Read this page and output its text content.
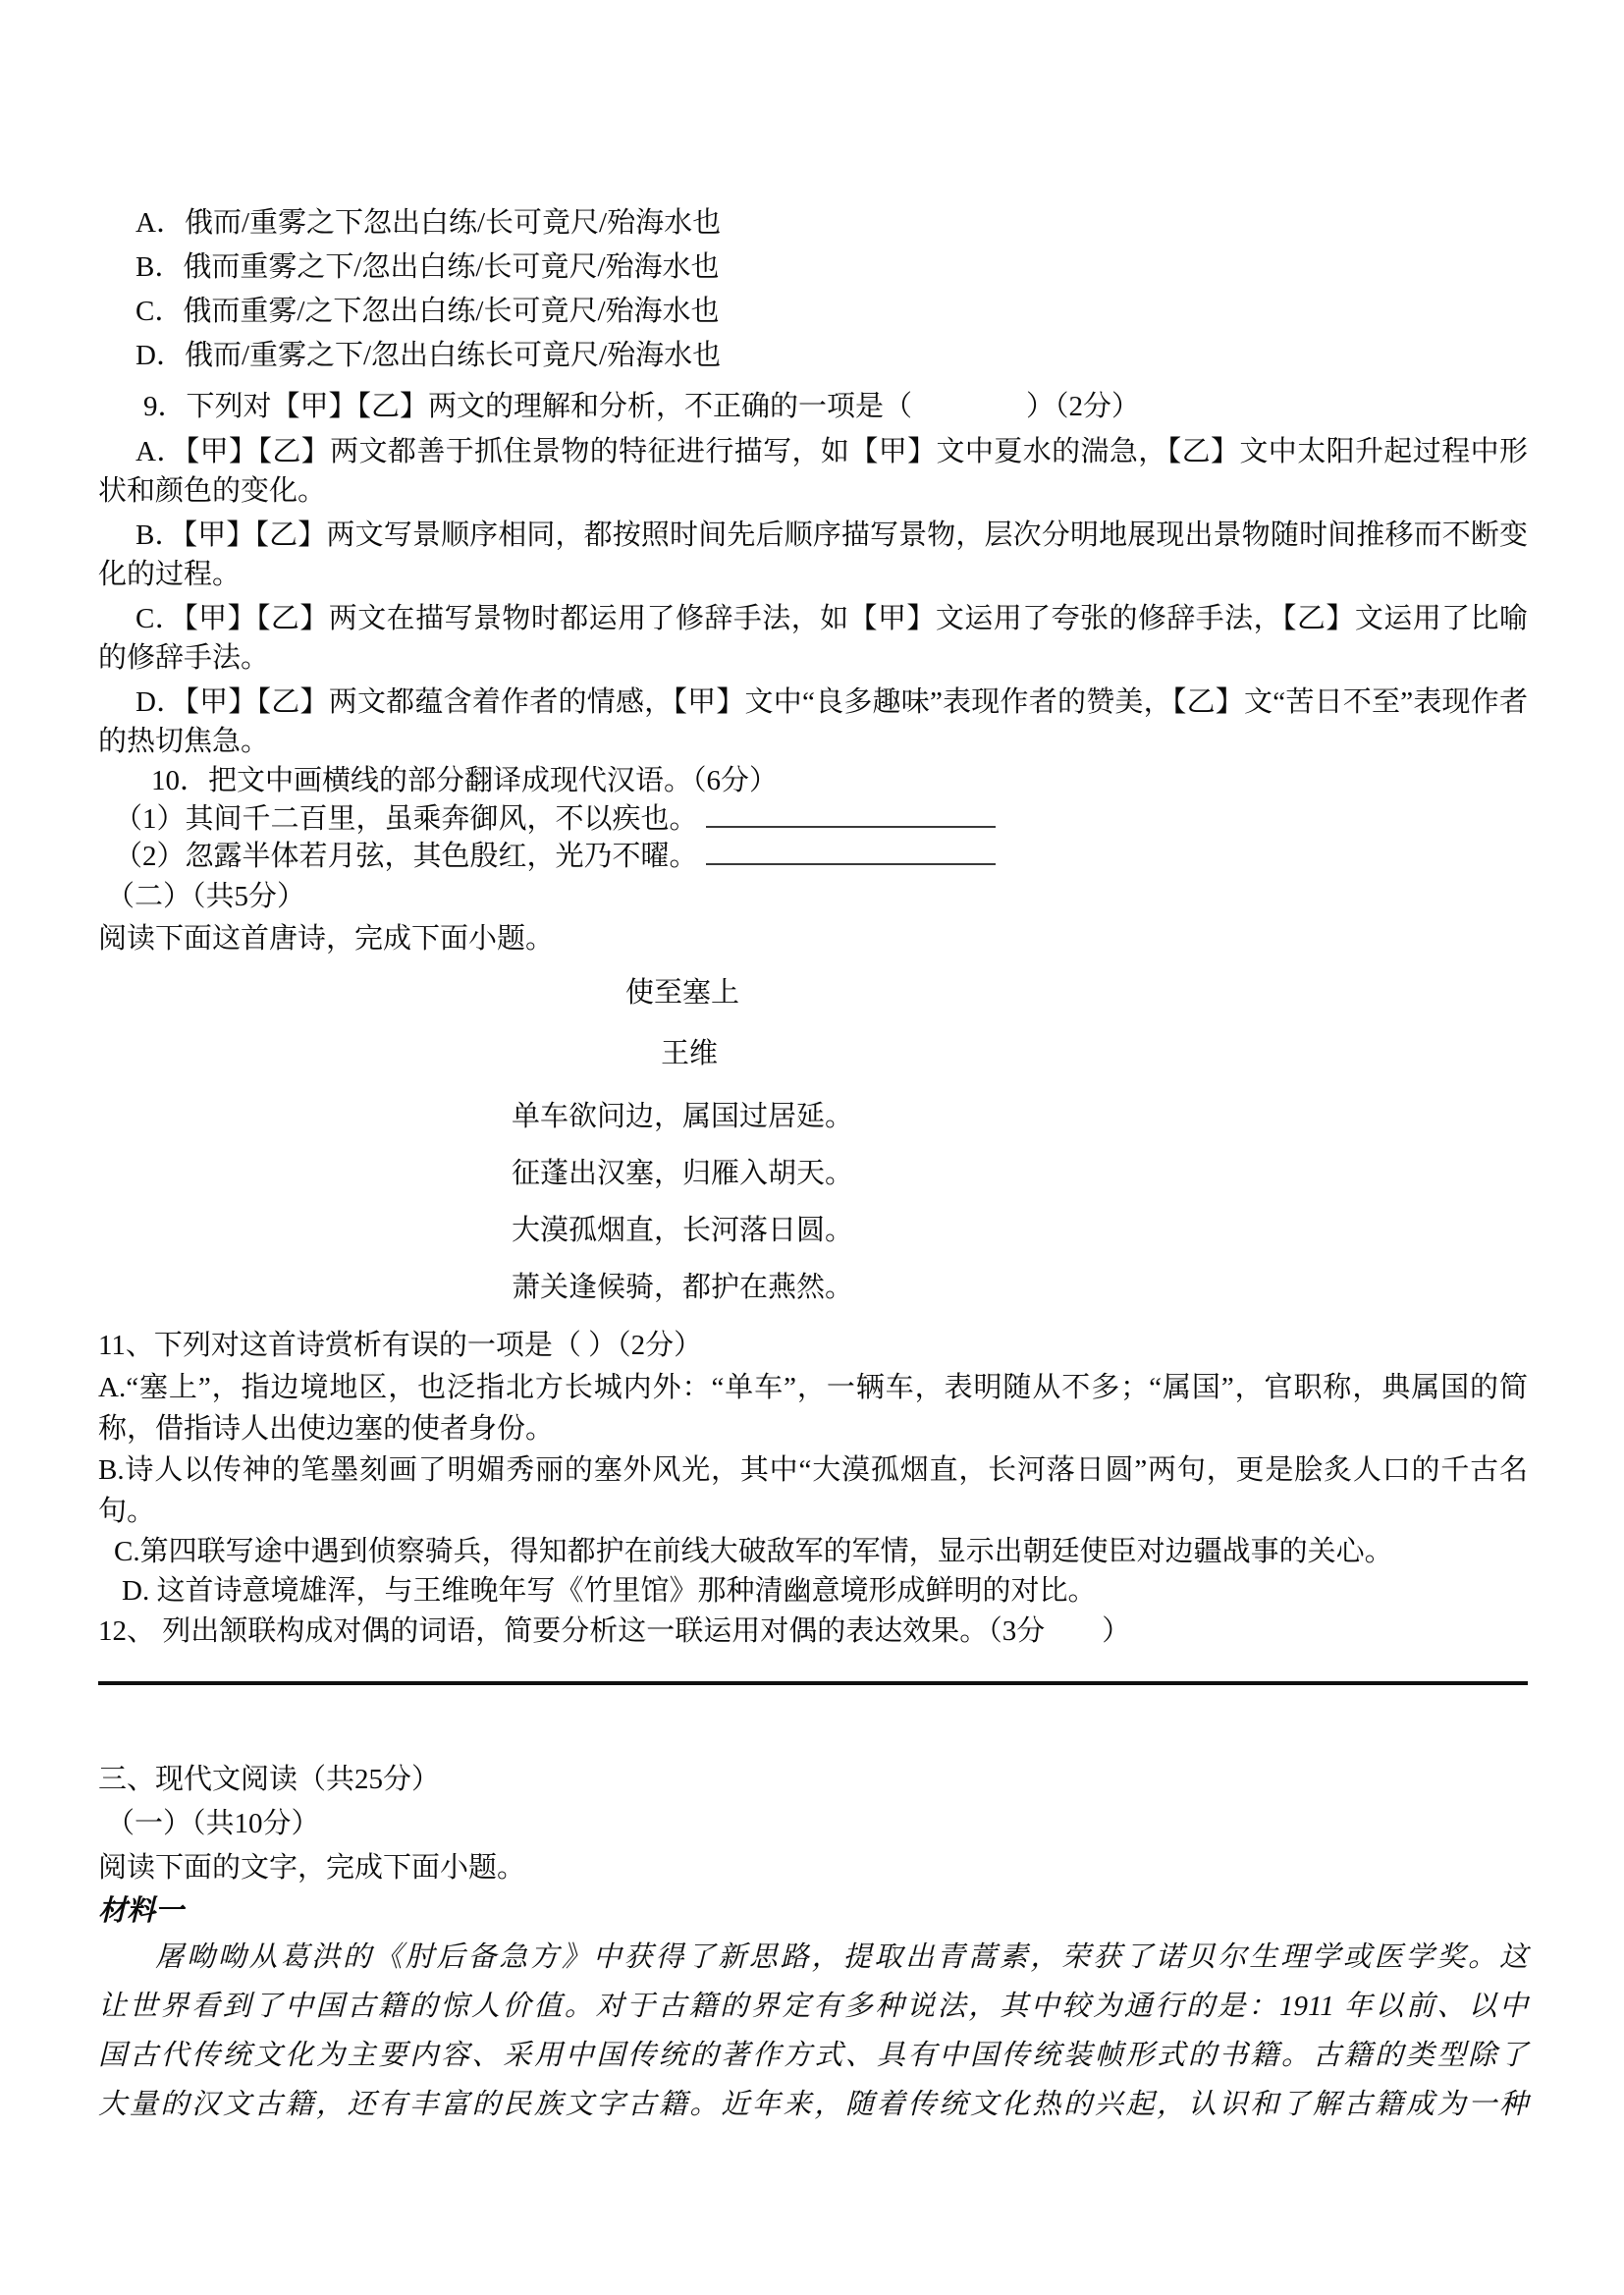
A．俄而/重雾之下忽出白练/长可竟尺/殆海水也

B．俄而重雾之下/忽出白练/长可竟尺/殆海水也

C．俄而重雾/之下忽出白练/长可竟尺/殆海水也

D．俄而/重雾之下/忽出白练长可竟尺/殆海水也

9．下列对【甲】【乙】两文的理解和分析，不正确的一项是（　　　　）（2分）

A．【甲】【乙】两文都善于抓住景物的特征进行描写，如【甲】文中夏水的湍急，【乙】文中太阳升起过程中形状和颜色的变化。

B．【甲】【乙】两文写景顺序相同，都按照时间先后顺序描写景物，层次分明地展现出景物随时间推移而不断变化的过程。

C．【甲】【乙】两文在描写景物时都运用了修辞手法，如【甲】文运用了夸张的修辞手法，【乙】文运用了比喻的修辞手法。

D．【甲】【乙】两文都蕴含着作者的情感，【甲】文中“良多趣味”表现作者的赞美，【乙】文“苦日不至”表现作者的热切焦急。

10．把文中画横线的部分翻译成现代汉语。（6分）

（1）其间千二百里，虽乘奔御风，不以疾也。

（2）忽露半体若月弦，其色殷红，光乃不曜。

（二）（共5分）

阅读下面这首唐诗，完成下面小题。

使至塞上

王维

单车欲问边，属国过居延。

征蓬出汉塞，归雁入胡天。

大漠孤烟直，长河落日圆。

萧关逢候骑，都护在燕然。

11、下列对这首诗赏析有误的一项是（ ）（2分）

A.“塞上”，指边境地区，也泛指北方长城内外：“单车”，一辆车，表明随从不多；“属国”，官职称，典属国的简称，借指诗人出使边塞的使者身份。

B.诗人以传神的笔墨刻画了明媚秀丽的塞外风光，其中“大漠孤烟直，长河落日圆”两句，更是脍炙人口的千古名句。

C.第四联写途中遇到侦察骑兵，得知都护在前线大破敌军的军情，显示出朝廷使臣对边疆战事的关心。

D. 这首诗意境雄浑，与王维晚年写《竹里馆》那种清幽意境形成鲜明的对比。

12、 列出颔联构成对偶的词语，简要分析这一联运用对偶的表达效果。（3分　　）

三、现代文阅读（共25分）

（一）（共10分）

阅读下面的文字，完成下面小题。

材料一

屠呦呦从葛洪的《肘后备急方》中获得了新思路，提取出青蒿素，荣获了诺贝尔生理学或医学奖。这

让世界看到了中国古籍的惊人价值。对于古籍的界定有多种说法，其中较为通行的是：1911 年以前、以中

国古代传统文化为主要内容、采用中国传统的著作方式、具有中国传统装帧形式的书籍。古籍的类型除了

大量的汉文古籍，还有丰富的民族文字古籍。近年来，随着传统文化热的兴起，认识和了解古籍成为一种
